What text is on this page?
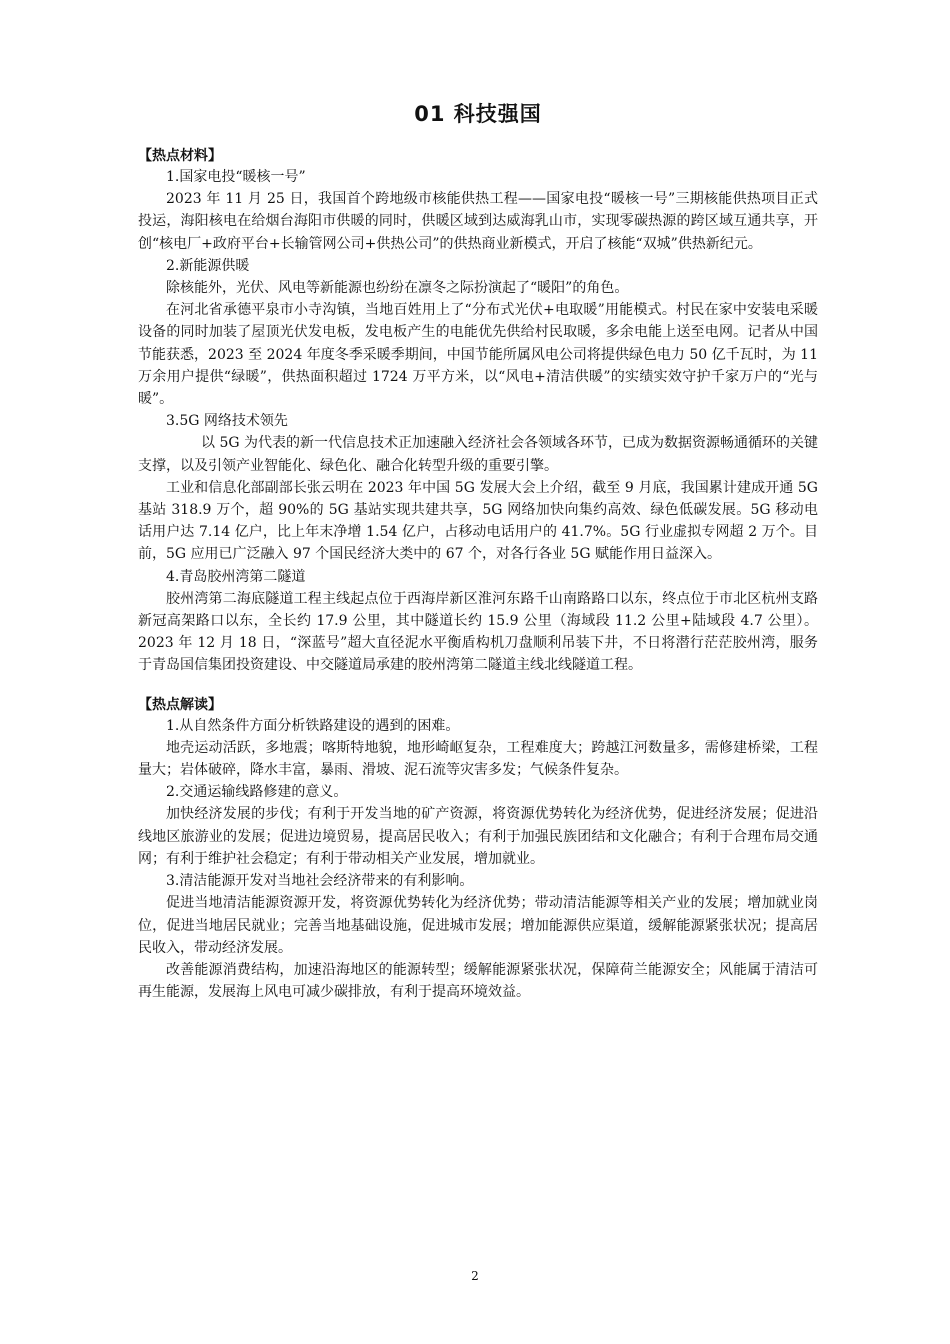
01 科技强国
【热点材料】

1.国家电投“暖核一号”

2023 年 11 月 25 日，我国首个跨地级市核能供热工程——国家电投“暖核一号”三期核能供热项目正式投运，海阳核电在给烟台海阳市供暖的同时，供暖区域到达威海乳山市，实现零碳热源的跨区域互通共享，开创“核电厂+政府平台+长输管网公司+供热公司”的供热商业新模式，开启了核能“双城”供热新纪元。

2.新能源供暖

除核能外，光伏、风电等新能源也纷纷在凛冬之际扮演起了“暖阳”的角色。

在河北省承德平泉市小寺沟镇，当地百姓用上了“分布式光伏+电取暖”用能模式。村民在家中安装电采暖设备的同时加装了屋顶光伏发电板，发电板产生的电能优先供给村民取暖，多余电能上送至电网。记者从中国节能获悉，2023 至 2024 年度冬季采暖季期间，中国节能所属风电公司将提供绿色电力 50 亿千瓦时，为 11 万余用户提供“绿暖”，供热面积超过 1724 万平方米，以“风电+清洁供暖”的实绩实效守护千家万户的“光与暖”。

3.5G 网络技术领先

以 5G 为代表的新一代信息技术正加速融入经济社会各领域各环节，已成为数据资源畅通循环的关键支撑，以及引领产业智能化、绿色化、融合化转型升级的重要引擎。

工业和信息化部副部长张云明在 2023 年中国 5G 发展大会上介绍，截至 9 月底，我国累计建成开通 5G 基站 318.9 万个，超 90%的 5G 基站实现共建共享，5G 网络加快向集约高效、绿色低碳发展。5G 移动电话用户达 7.14 亿户，比上年末净增 1.54 亿户，占移动电话用户的 41.7%。5G 行业虚拟专网超 2 万个。目前，5G 应用已广泛融入 97 个国民经济大类中的 67 个，对各行各业 5G 赋能作用日益深入。

4.青岛胶州湾第二隧道

胶州湾第二海底隧道工程主线起点位于西海岸新区淮河东路千山南路路口以东，终点位于市北区杭州支路新冠高架路口以东，全长约 17.9 公里，其中隧道长约 15.9 公里（海域段 11.2 公里+陆域段 4.7 公里）。2023 年 12 月 18 日，“深蓝号”超大直径泥水平衡盾构机刀盘顺利吊装下井，不日将潜行茫茫胶州湾，服务于青岛国信集团投资建设、中交隧道局承建的胶州湾第二隧道主线北线隧道工程。

【热点解读】

1.从自然条件方面分析铁路建设的遇到的困难。

地壳运动活跃，多地震；喀斯特地貌，地形崎岖复杂，工程难度大；跨越江河数量多，需修建桥梁，工程量大；岩体破碎，降水丰富，暴雨、滑坡、泥石流等灾害多发；气候条件复杂。

2.交通运输线路修建的意义。

加快经济发展的步伐；有利于开发当地的矿产资源，将资源优势转化为经济优势，促进经济发展；促进沿线地区旅游业的发展；促进边境贸易，提高居民收入；有利于加强民族团结和文化融合；有利于合理布局交通网；有利于维护社会稳定；有利于带动相关产业发展，增加就业。

3.清洁能源开发对当地社会经济带来的有利影响。

促进当地清洁能源资源开发，将资源优势转化为经济优势；带动清洁能源等相关产业的发展；增加就业岗位，促进当地居民就业；完善当地基础设施，促进城市发展；增加能源供应渠道，缓解能源紧张状况；提高居民收入，带动经济发展。

改善能源消费结构，加速沿海地区的能源转型；缓解能源紧张状况，保障荷兰能源安全；风能属于清洁可再生能源，发展海上风电可减少碳排放，有利于提高环境效益。

2
